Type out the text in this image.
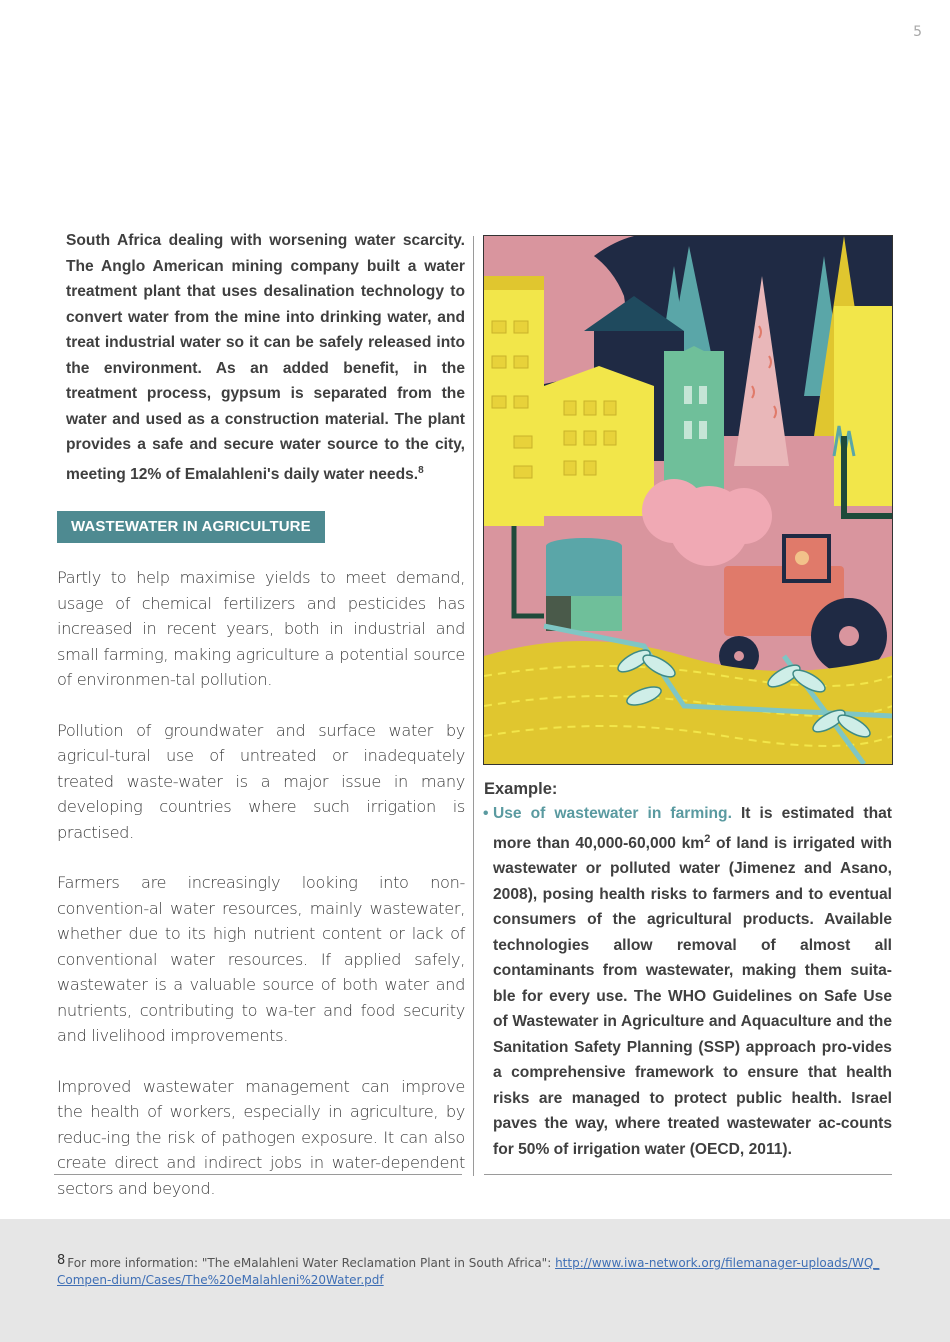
5

South Africa dealing with worsening water scarcity. The Anglo American mining company built a water treatment plant that uses desalination technology to convert water from the mine into drinking water, and treat industrial water so it can be safely released into the environment. As an added benefit, in the treatment process, gypsum is separated from the water and used as a construction material. The plant provides a safe and secure water source to the city, meeting 12% of Emalahleni's daily water needs.$^8$

WASTEWATER IN AGRICULTURE

Partly to help maximise yields to meet demand, usage of chemical fertilizers and pesticides has increased in recent years, both in industrial and small farming, making agriculture a potential source of environmen-tal pollution.

Pollution of groundwater and surface water by agricul-tural use of untreated or inadequately treated waste-water is a major issue in many developing countries where such irrigation is practised.

Farmers are increasingly looking into non-convention-al water resources, mainly wastewater, whether due to its high nutrient content or lack of conventional water resources. If applied safely, wastewater is a valuable source of both water and nutrients, contributing to wa-ter and food security and livelihood improvements.

Improved wastewater management can improve the health of workers, especially in agriculture, by reduc-ing the risk of pathogen exposure. It can also create direct and indirect jobs in water-dependent sectors and beyond.

Example:

• Use of wastewater in farming. It is estimated that more than 40,000-60,000 $km^2$ of land is irrigated with wastewater or polluted water (Jimenez and Asano, 2008), posing health risks to farmers and to eventual consumers of the agricultural products. Available technologies allow removal of almost all contaminants from wastewater, making them suita-ble for every use. The WHO Guidelines on Safe Use of Wastewater in Agriculture and Aquaculture and the Sanitation Safety Planning (SSP) approach pro-vides a comprehensive framework to ensure that health risks are managed to protect public health. Israel paves the way, where treated wastewater ac-counts for 50% of irrigation water (OECD, 2011).

8 For more information: "The eMalahleni Water Reclamation Plant in South Africa": http://www.iwa-network.org/filemanager-uploads/WQ_Compen-dium/Cases/The%20eMalahleni%20Water.pdf
